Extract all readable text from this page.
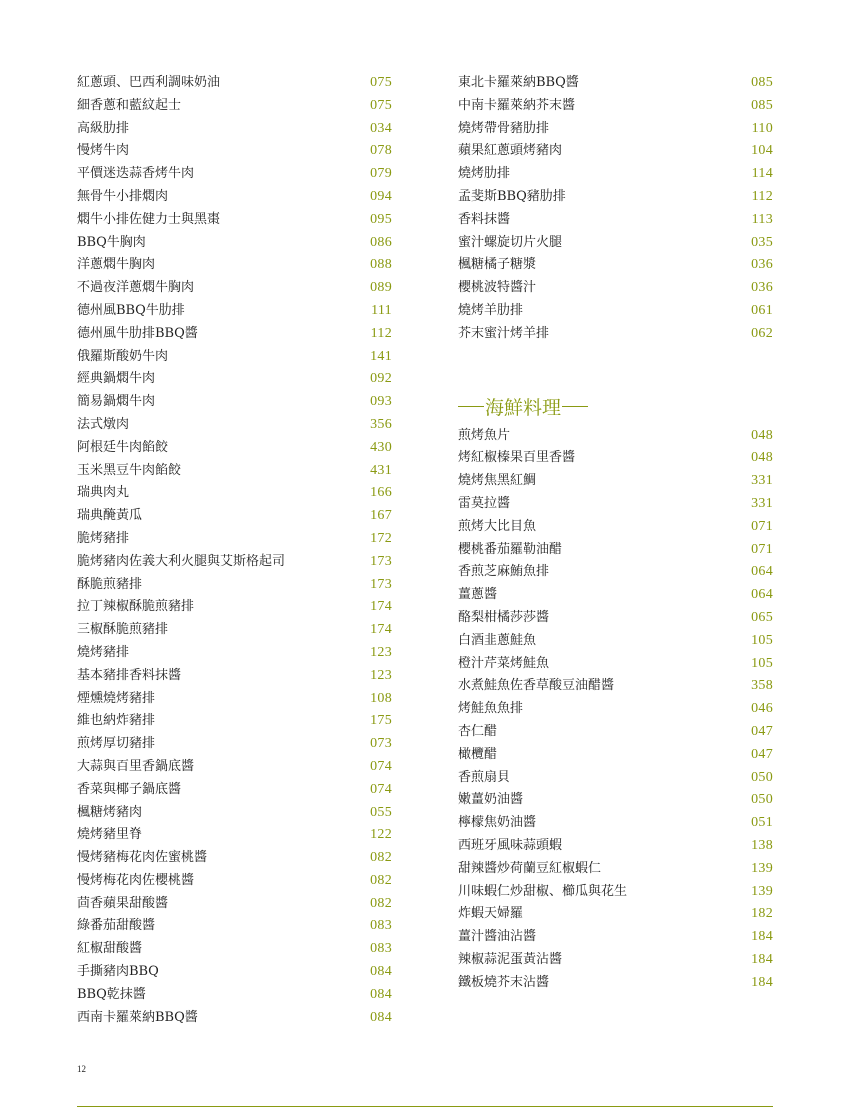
紅蔥頭、巴西利調味奶油	075
細香蔥和藍紋起士	075
高級肋排	034
慢烤牛肉	078
平價迷迭蒜香烤牛肉	079
無骨牛小排燜肉	094
燜牛小排佐健力士與黑棗	095
BBQ牛胸肉	086
洋蔥燜牛胸肉	088
不過夜洋蔥燜牛胸肉	089
德州風BBQ牛肋排	111
德州風牛肋排BBQ醬	112
俄羅斯酸奶牛肉	141
經典鍋燜牛肉	092
簡易鍋燜牛肉	093
法式燉肉	356
阿根廷牛肉餡餃	430
玉米黑豆牛肉餡餃	431
瑞典肉丸	166
瑞典醃黃瓜	167
脆烤豬排	172
脆烤豬肉佐義大利火腿與艾斯格起司	173
酥脆煎豬排	173
拉丁辣椒酥脆煎豬排	174
三椒酥脆煎豬排	174
燒烤豬排	123
基本豬排香料抹醬	123
煙燻燒烤豬排	108
維也納炸豬排	175
煎烤厚切豬排	073
大蒜與百里香鍋底醬	074
香菜與椰子鍋底醬	074
楓糖烤豬肉	055
燒烤豬里脊	122
慢烤豬梅花肉佐蜜桃醬	082
慢烤梅花肉佐櫻桃醬	082
茴香蘋果甜酸醬	082
綠番茄甜酸醬	083
紅椒甜酸醬	083
手撕豬肉BBQ	084
BBQ乾抹醬	084
西南卡羅萊納BBQ醬	084
東北卡羅萊納BBQ醬	085
中南卡羅萊納芥末醬	085
燒烤帶骨豬肋排	110
蘋果紅蔥頭烤豬肉	104
燒烤肋排	114
孟斐斯BBQ豬肋排	112
香料抹醬	113
蜜汁螺旋切片火腿	035
楓糖橘子糖漿	036
櫻桃波特醬汁	036
燒烤羊肋排	061
芥末蜜汁烤羊排	062
海鮮料理
煎烤魚片	048
烤紅椒榛果百里香醬	048
燒烤焦黑紅鯛	331
雷莫拉醬	331
煎烤大比目魚	071
櫻桃番茄羅勒油醋	071
香煎芝麻鮪魚排	064
薑蔥醬	064
酪梨柑橘莎莎醬	065
白酒韭蔥鮭魚	105
橙汁芹菜烤鮭魚	105
水煮鮭魚佐香草酸豆油醋醬	358
烤鮭魚魚排	046
杏仁醋	047
橄欖醋	047
香煎扇貝	050
嫩薑奶油醬	050
檸檬焦奶油醬	051
西班牙風味蒜頭蝦	138
甜辣醬炒荷蘭豆紅椒蝦仁	139
川味蝦仁炒甜椒、櫛瓜與花生	139
炸蝦天婦羅	182
薑汁醬油沾醬	184
辣椒蒜泥蛋黃沾醬	184
鐵板燒芥末沾醬	184
12
